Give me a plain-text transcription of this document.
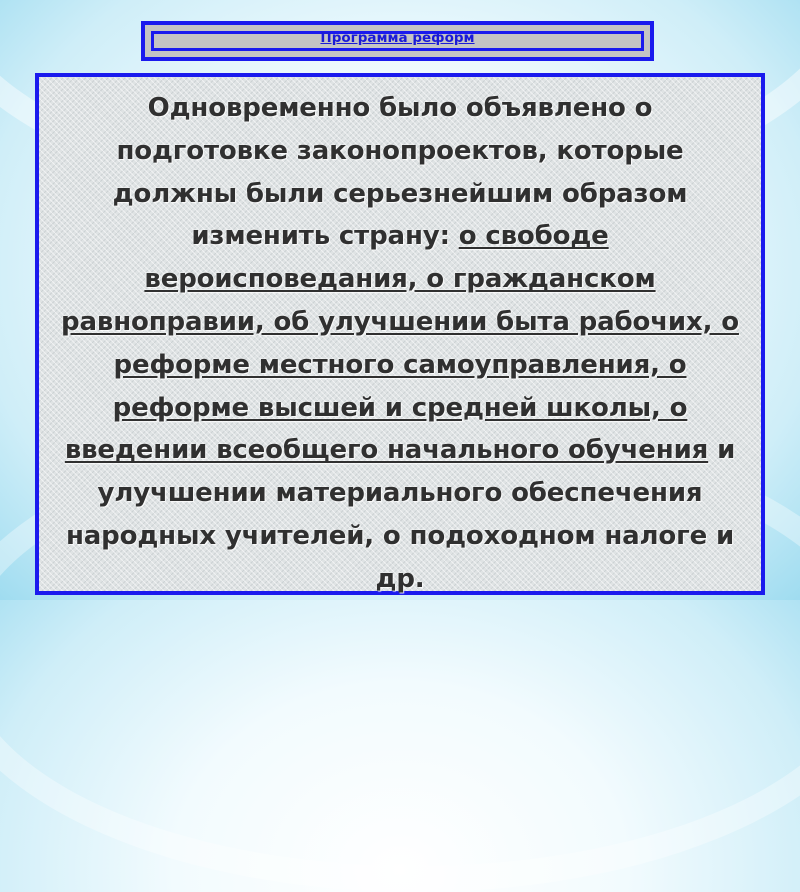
Программа реформ

Одновременно было объявлено о подготовке законопроектов, которые должны были серьезнейшим образом изменить страну: о свободе вероисповедания, о гражданском равноправии, об улучшении быта рабочих, о реформе местного самоуправления, о реформе высшей и средней школы, о введении всеобщего начального обучения и улучшении материального обеспечения народных учителей, о подоходном налоге и др.
